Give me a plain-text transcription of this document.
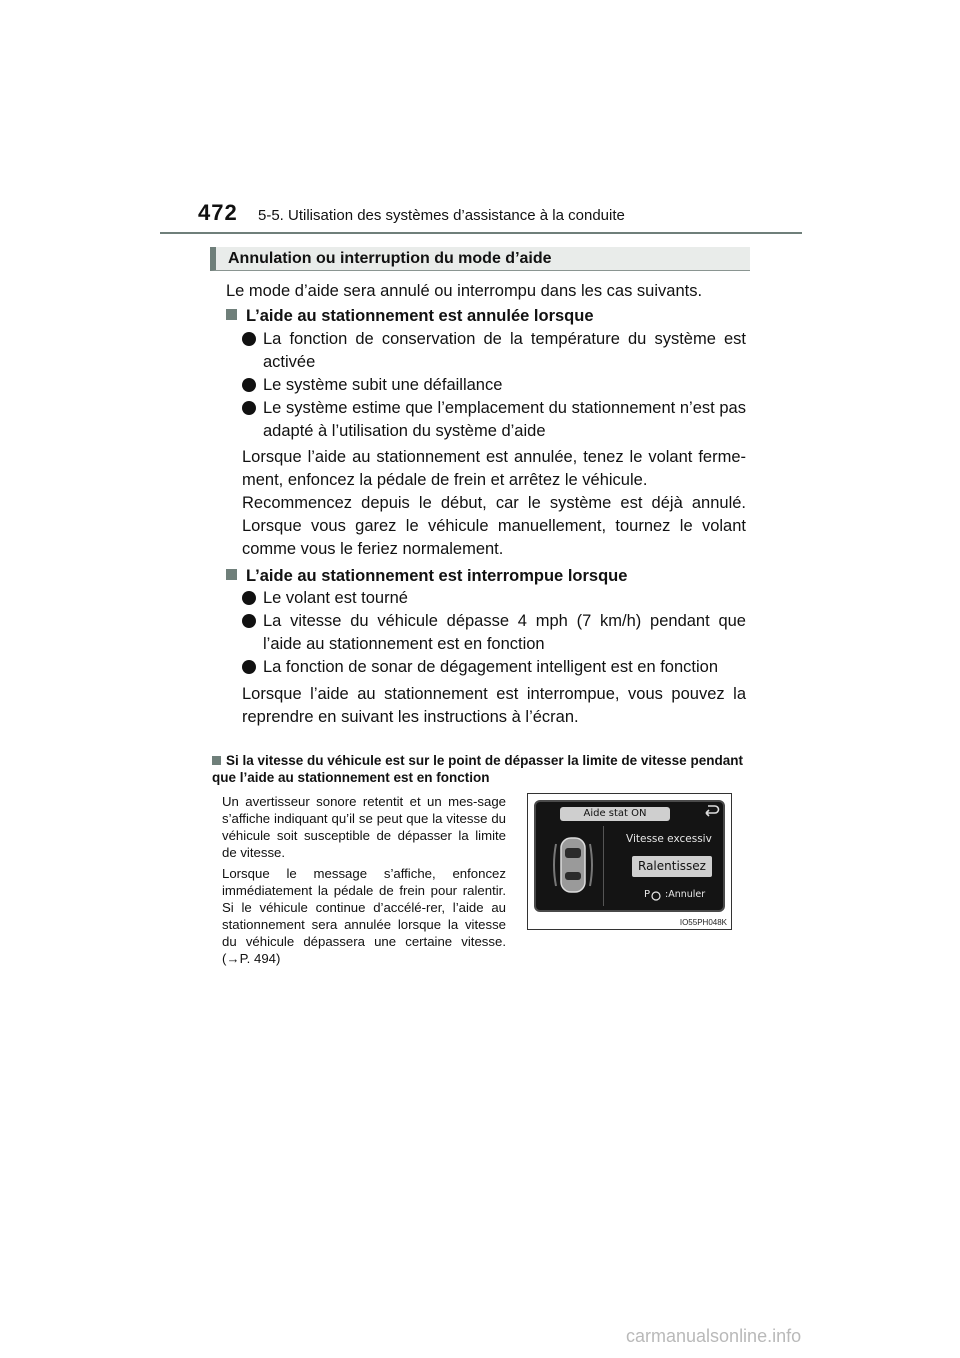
472 5-5. Utilisation des systèmes d’assistance à la conduite
Annulation ou interruption du mode d’aide
Le mode d’aide sera annulé ou interrompu dans les cas suivants.
L’aide au stationnement est annulée lorsque
La fonction de conservation de la température du système est activée
Le système subit une défaillance
Le système estime que l’emplacement du stationnement n’est pas adapté à l’utilisation du système d’aide
Lorsque l’aide au stationnement est annulée, tenez le volant ferme-ment, enfoncez la pédale de frein et arrêtez le véhicule.
Recommencez depuis le début, car le système est déjà annulé. Lorsque vous garez le véhicule manuellement, tournez le volant comme vous le feriez normalement.
L’aide au stationnement est interrompue lorsque
Le volant est tourné
La vitesse du véhicule dépasse 4 mph (7 km/h) pendant que l’aide au stationnement est en fonction
La fonction de sonar de dégagement intelligent est en fonction
Lorsque l’aide au stationnement est interrompue, vous pouvez la reprendre en suivant les instructions à l’écran.
Si la vitesse du véhicule est sur le point de dépasser la limite de vitesse pendant que l’aide au stationnement est en fonction
Un avertisseur sonore retentit et un mes-sage s’affiche indiquant qu’il se peut que la vitesse du véhicule soit susceptible de dépasser la limite de vitesse.
Lorsque le message s’affiche, enfoncez immédiatement la pédale de frein pour ralentir. Si le véhicule continue d’accélé-rer, l’aide au stationnement sera annulée lorsque la vitesse du véhicule dépassera une certaine vitesse. (→P. 494)
Aide stat ON
Vitesse excessiv
Ralentissez
P :Annuler
IO55PH048K
carmanualsonline.info
